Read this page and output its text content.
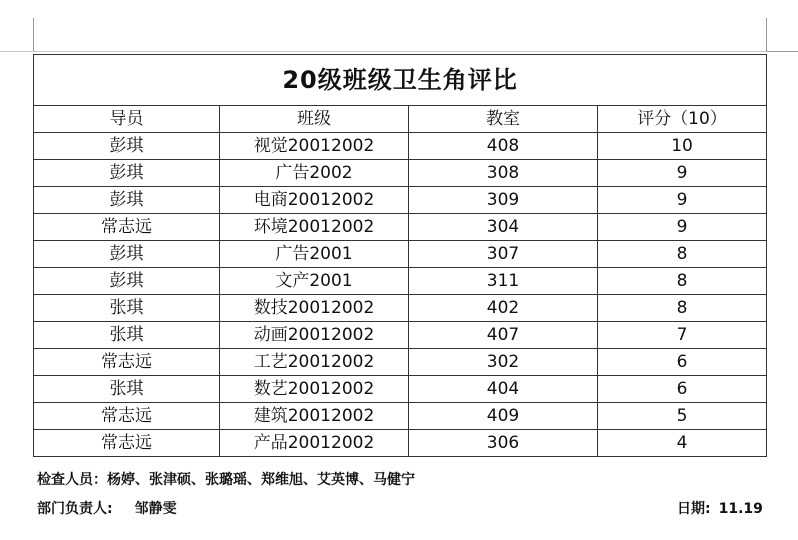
20级班级卫生角评比			
导员	班级	教室	评分（10）
彭琪	视觉20012002	408	10
彭琪	广告2002	308	9
彭琪	电商20012002	309	9
常志远	环境20012002	304	9
彭琪	广告2001	307	8
彭琪	文产2001	311	8
张琪	数技20012002	402	8
张琪	动画20012002	407	7
常志远	工艺20012002	302	6
张琪	数艺20012002	404	6
常志远	建筑20012002	409	5
常志远	产品20012002	306	4
检查人员：杨婷、张津硕、张璐瑶、郑维旭、艾英博、马健宁
部门负责人: 邹静雯	日期: 11.19
